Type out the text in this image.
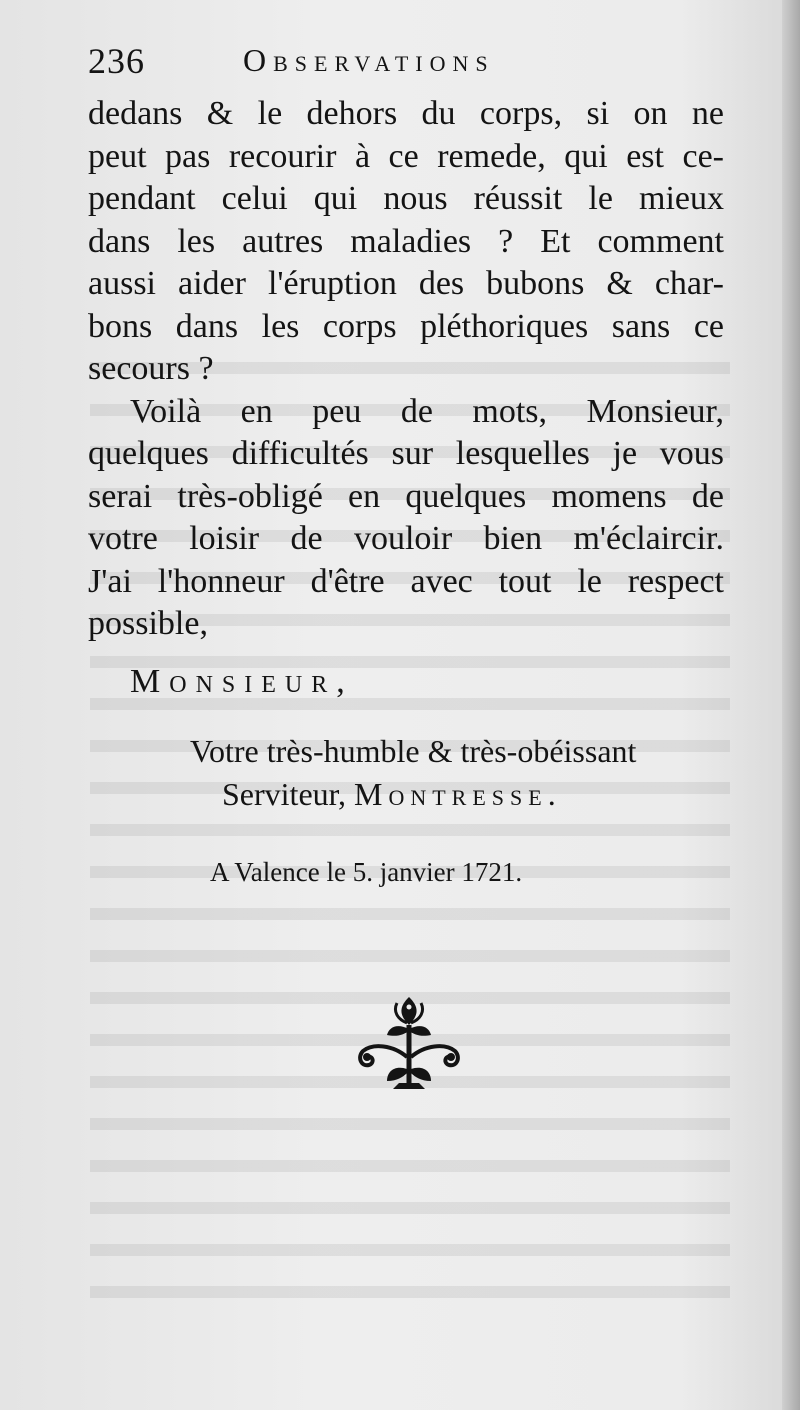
236	Observations
dedans & le dehors du corps, si on ne
peut pas recourir à ce remede, qui est ce-
pendant celui qui nous réussit le mieux
dans les autres maladies ? Et comment
aussi aider l'éruption des bubons & char-
bons dans les corps pléthoriques sans ce
secours ?
Voilà en peu de mots, Monsieur,
quelques difficultés sur lesquelles je vous
serai très-obligé en quelques momens de
votre loisir de vouloir bien m'éclaircir.
J'ai l'honneur d'être avec tout le respect
possible,
Monsieur,
Votre très-humble & très-obéissant
Serviteur, Montresse.
A Valence le 5. janvier 1721.
